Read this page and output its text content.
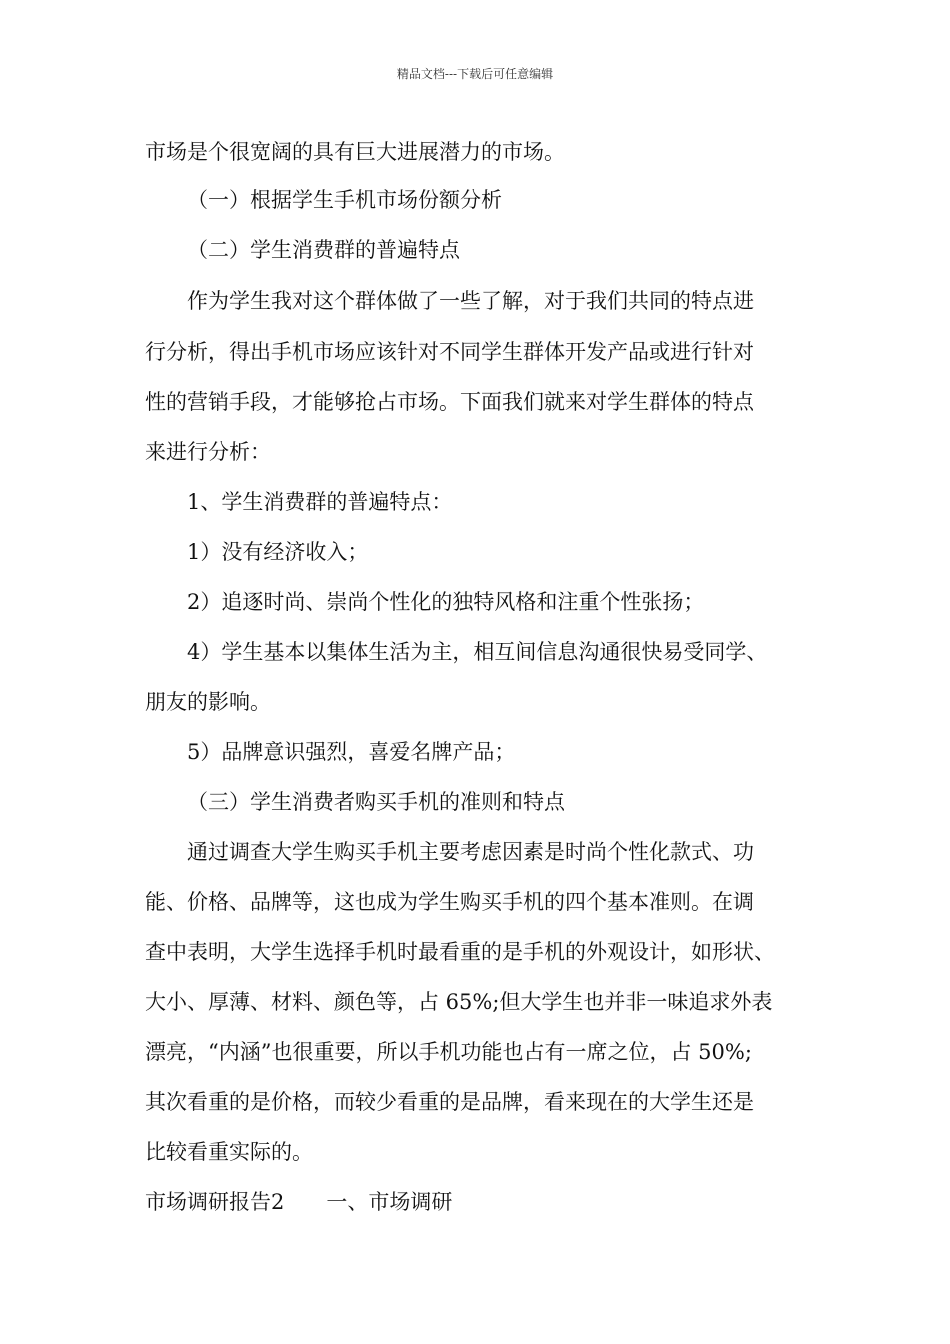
精品文档---下载后可任意编辑
市场是个很宽阔的具有巨大进展潜力的市场。
（一）根据学生手机市场份额分析
（二）学生消费群的普遍特点
作为学生我对这个群体做了一些了解，对于我们共同的特点进
行分析，得出手机市场应该针对不同学生群体开发产品或进行针对
性的营销手段，才能够抢占市场。下面我们就来对学生群体的特点
来进行分析：
1、学生消费群的普遍特点：
1）没有经济收入；
2）追逐时尚、崇尚个性化的独特风格和注重个性张扬；
4）学生基本以集体生活为主，相互间信息沟通很快易受同学、
朋友的影响。
5）品牌意识强烈，喜爱名牌产品；
（三）学生消费者购买手机的准则和特点
通过调查大学生购买手机主要考虑因素是时尚个性化款式、功
能、价格、品牌等，这也成为学生购买手机的四个基本准则。在调
查中表明，大学生选择手机时最看重的是手机的外观设计，如形状、
大小、厚薄、材料、颜色等，占 65%;但大学生也并非一味追求外表
漂亮，“内涵”也很重要，所以手机功能也占有一席之位，占 50%;
其次看重的是价格，而较少看重的是品牌，看来现在的大学生还是
比较看重实际的。
市场调研报告2　　一、市场调研
